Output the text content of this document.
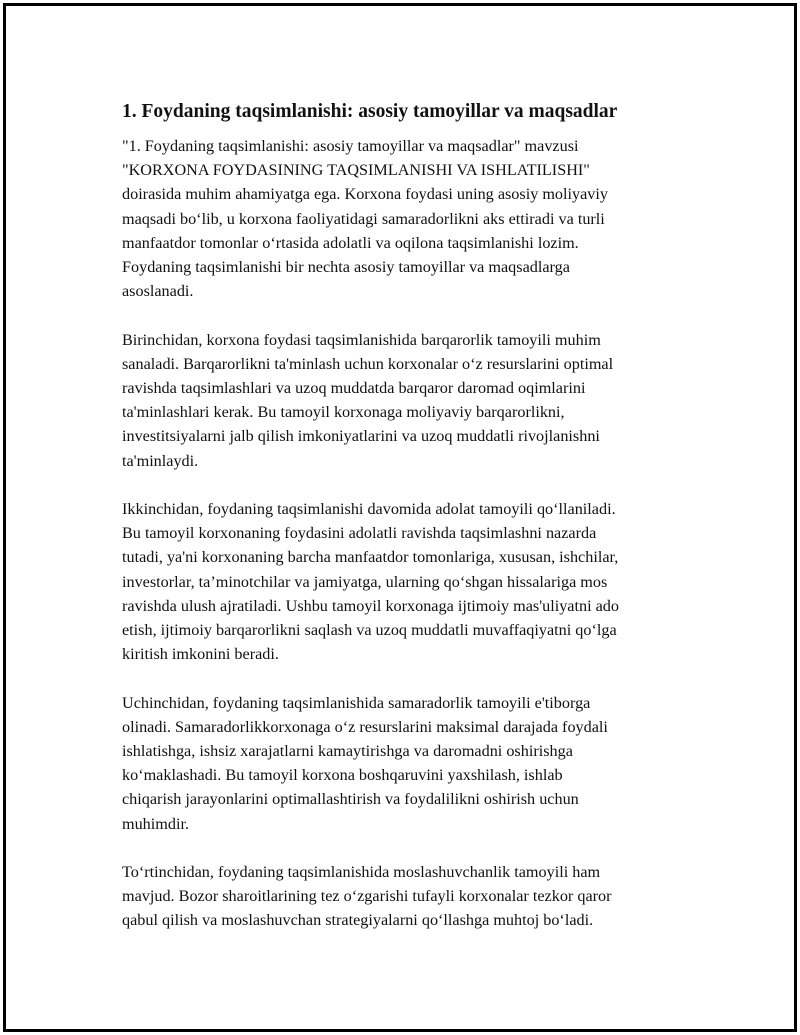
1. Foydaning taqsimlanishi: asosiy tamoyillar va maqsadlar

"1. Foydaning taqsimlanishi: asosiy tamoyillar va maqsadlar" mavzusi
"KORXONA FOYDASINING TAQSIMLANISHI VA ISHLATILISHI"
doirasida muhim ahamiyatga ega. Korxona foydasi uning asosiy moliyaviy
maqsadi bo‘lib, u korxona faoliyatidagi samaradorlikni aks ettiradi va turli
manfaatdor tomonlar o‘rtasida adolatli va oqilona taqsimlanishi lozim.
Foydaning taqsimlanishi bir nechta asosiy tamoyillar va maqsadlarga
asoslanadi.

Birinchidan, korxona foydasi taqsimlanishida barqarorlik tamoyili muhim
sanaladi. Barqarorlikni ta'minlash uchun korxonalar o‘z resurslarini optimal
ravishda taqsimlashlari va uzoq muddatda barqaror daromad oqimlarini
ta'minlashlari kerak. Bu tamoyil korxonaga moliyaviy barqarorlikni,
investitsiyalarni jalb qilish imkoniyatlarini va uzoq muddatli rivojlanishni
ta'minlaydi.

Ikkinchidan, foydaning taqsimlanishi davomida adolat tamoyili qo‘llaniladi.
Bu tamoyil korxonaning foydasini adolatli ravishda taqsimlashni nazarda
tutadi, ya'ni korxonaning barcha manfaatdor tomonlariga, xususan, ishchilar,
investorlar, ta’minotchilar va jamiyatga, ularning qo‘shgan hissalariga mos
ravishda ulush ajratiladi. Ushbu tamoyil korxonaga ijtimoiy mas'uliyatni ado
etish, ijtimoiy barqarorlikni saqlash va uzoq muddatli muvaffaqiyatni qo‘lga
kiritish imkonini beradi.

Uchinchidan, foydaning taqsimlanishida samaradorlik tamoyili e'tiborga
olinadi. Samaradorlikkorxonaga o‘z resurslarini maksimal darajada foydali
ishlatishga, ishsiz xarajatlarni kamaytirishga va daromadni oshirishga
ko‘maklashadi. Bu tamoyil korxona boshqaruvini yaxshilash, ishlab
chiqarish jarayonlarini optimallashtirish va foydalilikni oshirish uchun
muhimdir.

To‘rtinchidan, foydaning taqsimlanishida moslashuvchanlik tamoyili ham
mavjud. Bozor sharoitlarining tez o‘zgarishi tufayli korxonalar tezkor qaror
qabul qilish va moslashuvchan strategiyalarni qo‘llashga muhtoj bo‘ladi.
